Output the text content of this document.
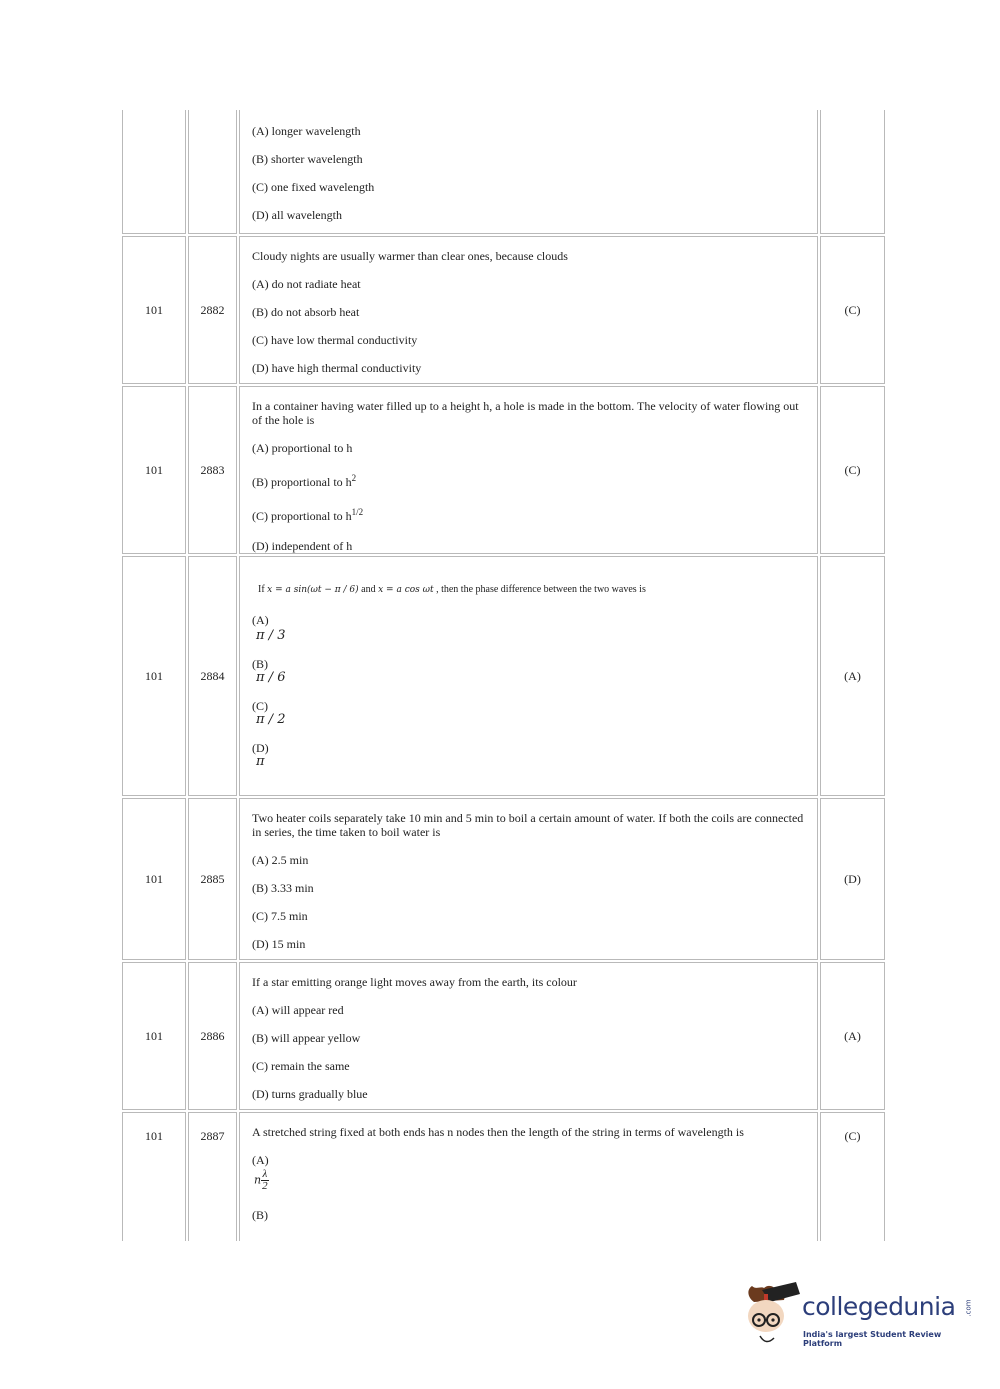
(A) longer wavelength

(B) shorter wavelength

(C) one fixed wavelength

(D) all wavelength

101	2882

Cloudy nights are usually warmer than clear ones, because clouds

(A) do not radiate heat

(B) do not absorb heat

(C) have low thermal conductivity

(D) have high thermal conductivity

(C)
101	2883

In a container having water filled up to a height h, a hole is made in the bottom. The velocity of water flowing out of the hole is

(A) proportional to h

(B) proportional to $h^2$

(C) proportional to $h^{1/2}$

(D) independent of h

(C)
101	2884

If x = a sin(ωt − π / 6) and x = a cos ωt , then the phase difference between the two waves is

(A)

π / 3

(B)

π / 6

(C)

π / 2

(D)

π

(A)
101	2885

Two heater coils separately take 10 min and 5 min to boil a certain amount of water. If both the coils are connected in series, the time taken to boil water is

(A) 2.5 min

(B) 3.33 min

(C) 7.5 min

(D) 15 min

(D)
101	2886

If a star emitting orange light moves away from the earth, its colour

(A) will appear red

(B) will appear yellow

(C) remain the same

(D) turns gradually blue

(A)
101	2887	A stretched string fixed at both ends has n nodes then the length of the string in terms of wavelength is

(A)

n $\frac{\lambda}{2}$

(B)

(C)
collegedunia .com
India's largest Student Review Platform
